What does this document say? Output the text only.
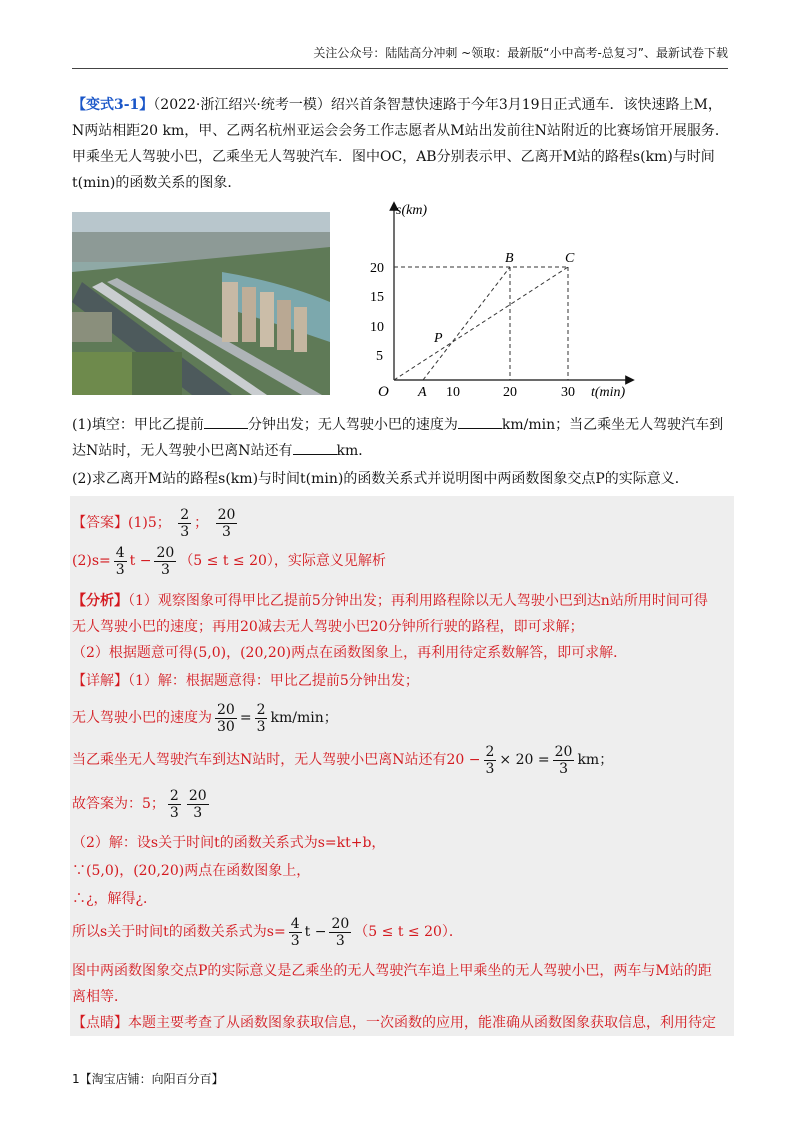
关注公众号：陆陆高分冲刺 ~领取：最新版“小中高考-总复习”、最新试卷下载
【变式3-1】（2022·浙江绍兴·统考一模）绍兴首条智慧快速路于今年3月19日正式通车．该快速路上M，
N两站相距20 km，甲、乙两名杭州亚运会会务工作志愿者从M站出发前往N站附近的比赛场馆开展服务．
甲乘坐无人驾驶小巴，乙乘坐无人驾驶汽车．图中OC，AB分别表示甲、乙离开M站的路程s(km)与时间
t(min)的函数关系的图象．
s(km)
t(min)
O
20
15
10
5
10	20	30
A
B	C
P
(1)填空：甲比乙提前	分钟出发；无人驾驶小巴的速度为	km/min；当乙乘坐无人驾驶汽车到
达N站时，无人驾驶小巴离N站还有	km．
(2)求乙离开M站的路程s(km)与时间t(min)的函数关系式并说明图中两函数图象交点P的实际意义．
【答案】(1)5； $\frac{2}{3}$ ； $\frac{20}{3}$
$(2)s= \frac{4}{3}$ $t - \frac{20}{3} (5 \le t \le 20)$，实际意义见解析
【分析】（1）观察图象可得甲比乙提前5分钟出发；再利用路程除以无人驾驶小巴到达n站所用时间可得
无人驾驶小巴的速度；再用20减去无人驾驶小巴20分钟所行驶的路程，即可求解；
（2）根据题意可得(5,0)，(20,20)两点在函数图象上，再利用待定系数解答，即可求解．
【详解】（1）解：根据题意得：甲比乙提前5分钟出发；
无人驾驶小巴的速度为 $\frac{20}{30} = \frac{2}{3} km/\min$；
当乙乘坐无人驾驶汽车到达N站时，无人驾驶小巴离N站还有$20 - \frac{2}{3} \times 20 = \frac{20}{3}$ km；
故答案为：5； $\frac{2}{3} \frac{20}{3}$
（2）解：设s关于时间t的函数关系式为s=kt+b，
∵(5,0)，(20,20)两点在函数图象上，
∴¿，解得¿．
所以s关于时间t的函数关系式为$s= \frac{4}{3}$ $t - \frac{20}{3} (5 \le t \le 20)$．
图中两函数图象交点P的实际意义是乙乘坐的无人驾驶汽车追上甲乘坐的无人驾驶小巴，两车与M站的距
离相等．
【点睛】本题主要考查了从函数图象获取信息，一次函数的应用，能准确从函数图象获取信息，利用待定
1【淘宝店铺：向阳百分百】
